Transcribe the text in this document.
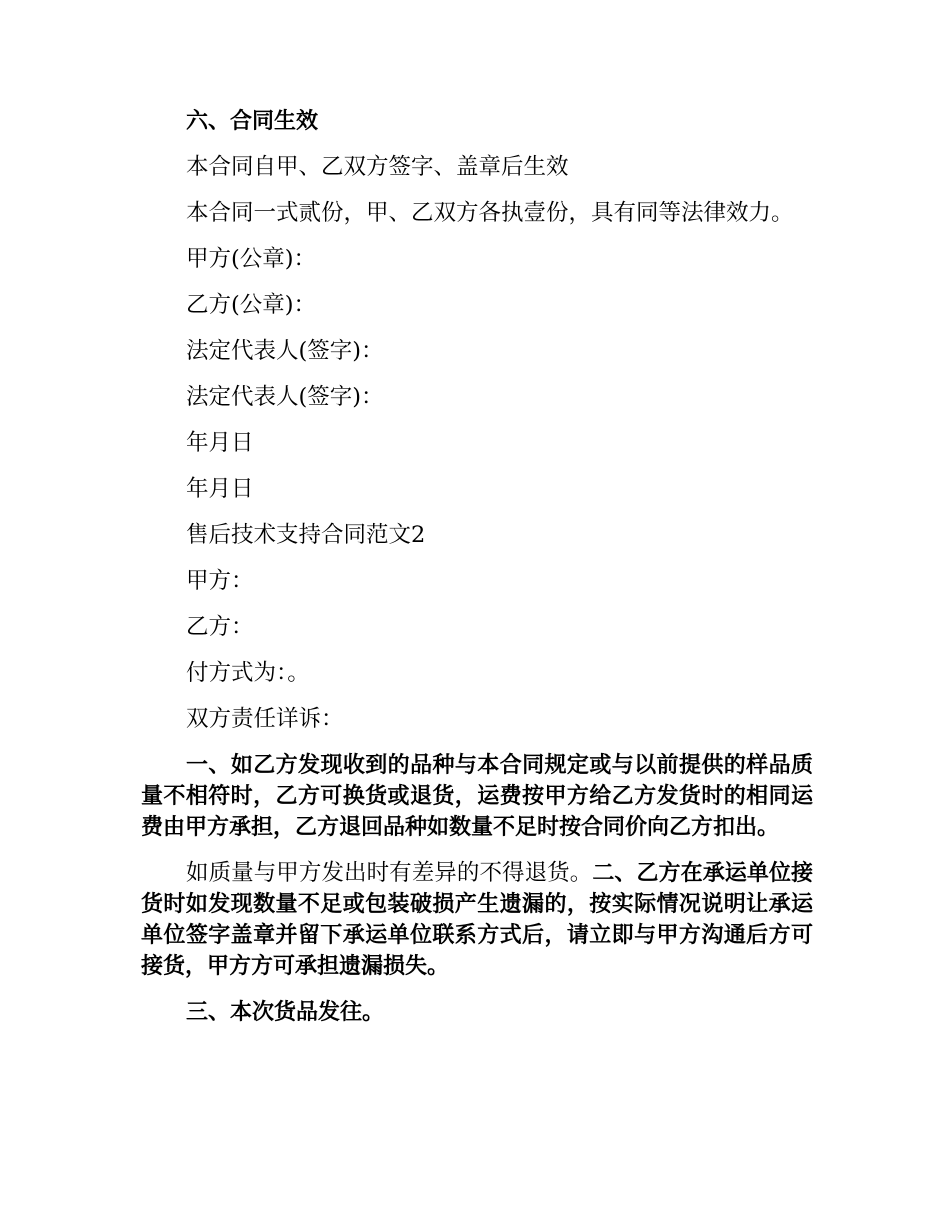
六、合同生效

本合同自甲、乙双方签字、盖章后生效

本合同一式贰份，甲、乙双方各执壹份，具有同等法律效力。

甲方(公章)：

乙方(公章)：

法定代表人(签字)：

法定代表人(签字)：

年月日

年月日

售后技术支持合同范文2

甲方：

乙方：

付方式为：。

双方责任详诉：

一、如乙方发现收到的品种与本合同规定或与以前提供的样品质量不相符时，乙方可换货或退货，运费按甲方给乙方发货时的相同运费由甲方承担，乙方退回品种如数量不足时按合同价向乙方扣出。

如质量与甲方发出时有差异的不得退货。二、乙方在承运单位接货时如发现数量不足或包装破损产生遗漏的，按实际情况说明让承运单位签字盖章并留下承运单位联系方式后，请立即与甲方沟通后方可接货，甲方方可承担遗漏损失。

三、本次货品发往。
